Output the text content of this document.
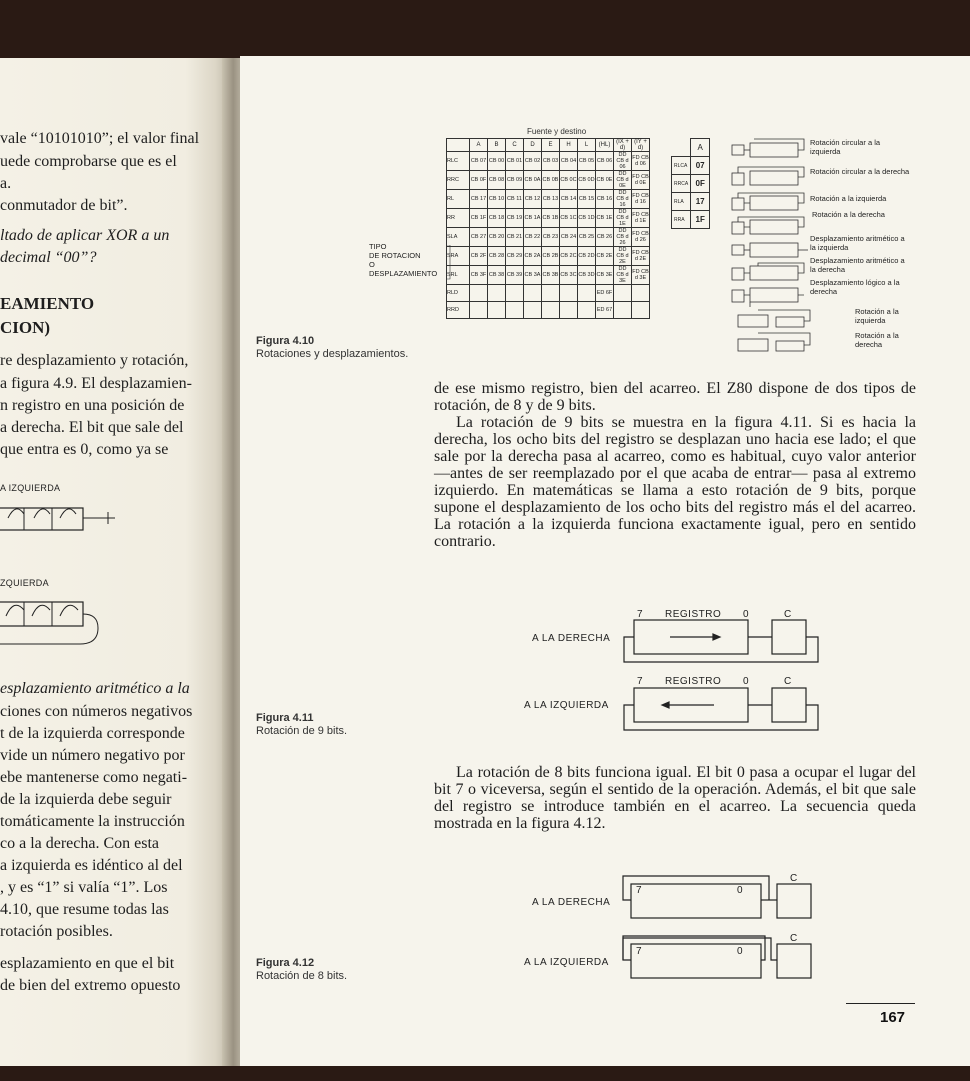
vale “10101010”; el valor final
uede comprobarse que es el
a.
conmutador de bit”.
ltado de aplicar XOR a un
decimal “00”?
EAMIENTO
CION)
re desplazamiento y rotación,
a figura 4.9. El desplazamien-
n registro en una posición de
a derecha. El bit que sale del
que entra es 0, como ya se
esplazamiento aritmético a la
ciones con números negativos
t de la izquierda corresponde
vide un número negativo por
ebe mantenerse como negati-
de la izquierda debe seguir
tomáticamente la instrucción
co a la derecha. Con esta
a izquierda es idéntico al del
, y es “1” si valía “1”. Los
4.10, que resume todas las
rotación posibles.
esplazamiento en que el bit
de bien del extremo opuesto
A IZQUIERDA
ZQUIERDA
Fuente y destino
TIPO
DE ROTACION
O
DESPLAZAMIENTO
	A	B	C	D	E	H	L	(HL)	(IX + d)	(IY + d)
RLC	CB 07	CB 00	CB 01	CB 02	CB 03	CB 04	CB 05	CB 06	DD CB d 06	FD CB d 06
RRC	CB 0F	CB 08	CB 09	CB 0A	CB 0B	CB 0C	CB 0D	CB 0E	DD CB d 0E	FD CB d 0E
RL	CB 17	CB 10	CB 11	CB 12	CB 13	CB 14	CB 15	CB 16	DD CB d 16	FD CB d 16
RR	CB 1F	CB 18	CB 19	CB 1A	CB 1B	CB 1C	CB 1D	CB 1E	DD CB d 1E	FD CB d 1E
SLA	CB 27	CB 20	CB 21	CB 22	CB 23	CB 24	CB 25	CB 26	DD CB d 26	FD CB d 26
SRA	CB 2F	CB 28	CB 29	CB 2A	CB 2B	CB 2C	CB 2D	CB 2E	DD CB d 2E	FD CB d 2E
SRL	CB 3F	CB 38	CB 39	CB 3A	CB 3B	CB 3C	CB 3D	CB 3E	DD CB d 3E	FD CB d 3E
RLD								ED 6F		
RRD								ED 67		
	A
RLCA	07
RRCA	0F
RLA	17
RRA	1F
Rotación circular a la izquierda
Rotación circular a la derecha
Rotación a la izquierda
Rotación a la derecha
Desplazamiento aritmético a la izquierda
Desplazamiento aritmético a la derecha
Desplazamiento lógico a la derecha
Rotación a la izquierda
Rotación a la derecha
Figura 4.10
Rotaciones y desplazamientos.

de ese mismo registro, bien del acarreo. El Z80 dispone de dos tipos de rotación, de 8 y de 9 bits.

La rotación de 9 bits se muestra en la figura 4.11. Si es hacia la derecha, los ocho bits del registro se desplazan uno hacia ese lado; el que sale por la derecha pasa al acarreo, como es habitual, cuyo valor anterior —antes de ser reemplazado por el que acaba de entrar— pasa al extremo izquierdo. En matemáticas se llama a esto rotación de 9 bits, porque supone el desplazamiento de los ocho bits del registro más el del acarreo. La rotación a la izquierda funciona exactamente igual, pero en sentido contrario.

A LA DERECHA
A LA IZQUIERDA
7 REGISTRO 0	C
7 REGISTRO 0	C
Figura 4.11
Rotación de 9 bits.

La rotación de 8 bits funciona igual. El bit 0 pasa a ocupar el lugar del bit 7 o viceversa, según el sentido de la operación. Además, el bit que sale del registro se introduce también en el acarreo. La secuencia queda mostrada en la figura 4.12.

A LA DERECHA
A LA IZQUIERDA
7	0
C
7	0
C
Figura 4.12
Rotación de 8 bits.
167
